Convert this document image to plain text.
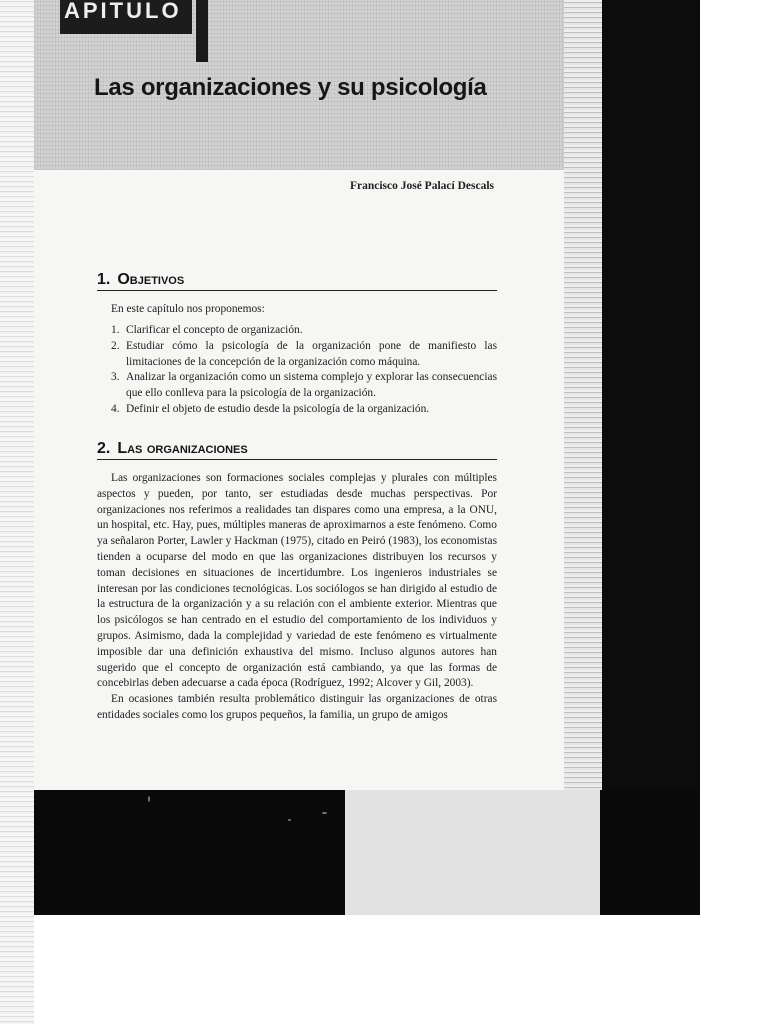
APITULO
Las organizaciones y su psicología

Francisco José Palací Descals

1. Objetivos

En este capítulo nos proponemos:

1. Clarificar el concepto de organización.
2. Estudiar cómo la psicología de la organización pone de manifiesto las limitaciones de la concepción de la organización como máquina.
3. Analizar la organización como un sistema complejo y explorar las consecuencias que ello conlleva para la psicología de la organización.
4. Definir el objeto de estudio desde la psicología de la organización.
2. Las organizaciones

Las organizaciones son formaciones sociales complejas y plurales con múltiples aspectos y pueden, por tanto, ser estudiadas desde muchas perspectivas. Por organizaciones nos referimos a realidades tan dispares como una empresa, a la ONU, un hospital, etc. Hay, pues, múltiples maneras de aproximarnos a este fenómeno. Como ya señalaron Porter, Lawler y Hackman (1975), citado en Peiró (1983), los economistas tienden a ocuparse del modo en que las organizaciones distribuyen los recursos y toman decisiones en situaciones de incertidumbre. Los ingenieros industriales se interesan por las condiciones tecnológicas. Los sociólogos se han dirigido al estudio de la estructura de la organización y a su relación con el ambiente exterior. Mientras que los psicólogos se han centrado en el estudio del comportamiento de los individuos y grupos. Asimismo, dada la complejidad y variedad de este fenómeno es virtualmente imposible dar una definición exhaustiva del mismo. Incluso algunos autores han sugerido que el concepto de organización está cambiando, ya que las formas de concebirlas deben adecuarse a cada época (Rodríguez, 1992; Alcover y Gil, 2003).

En ocasiones también resulta problemático distinguir las organizaciones de otras entidades sociales como los grupos pequeños, la familia, un grupo de amigos
